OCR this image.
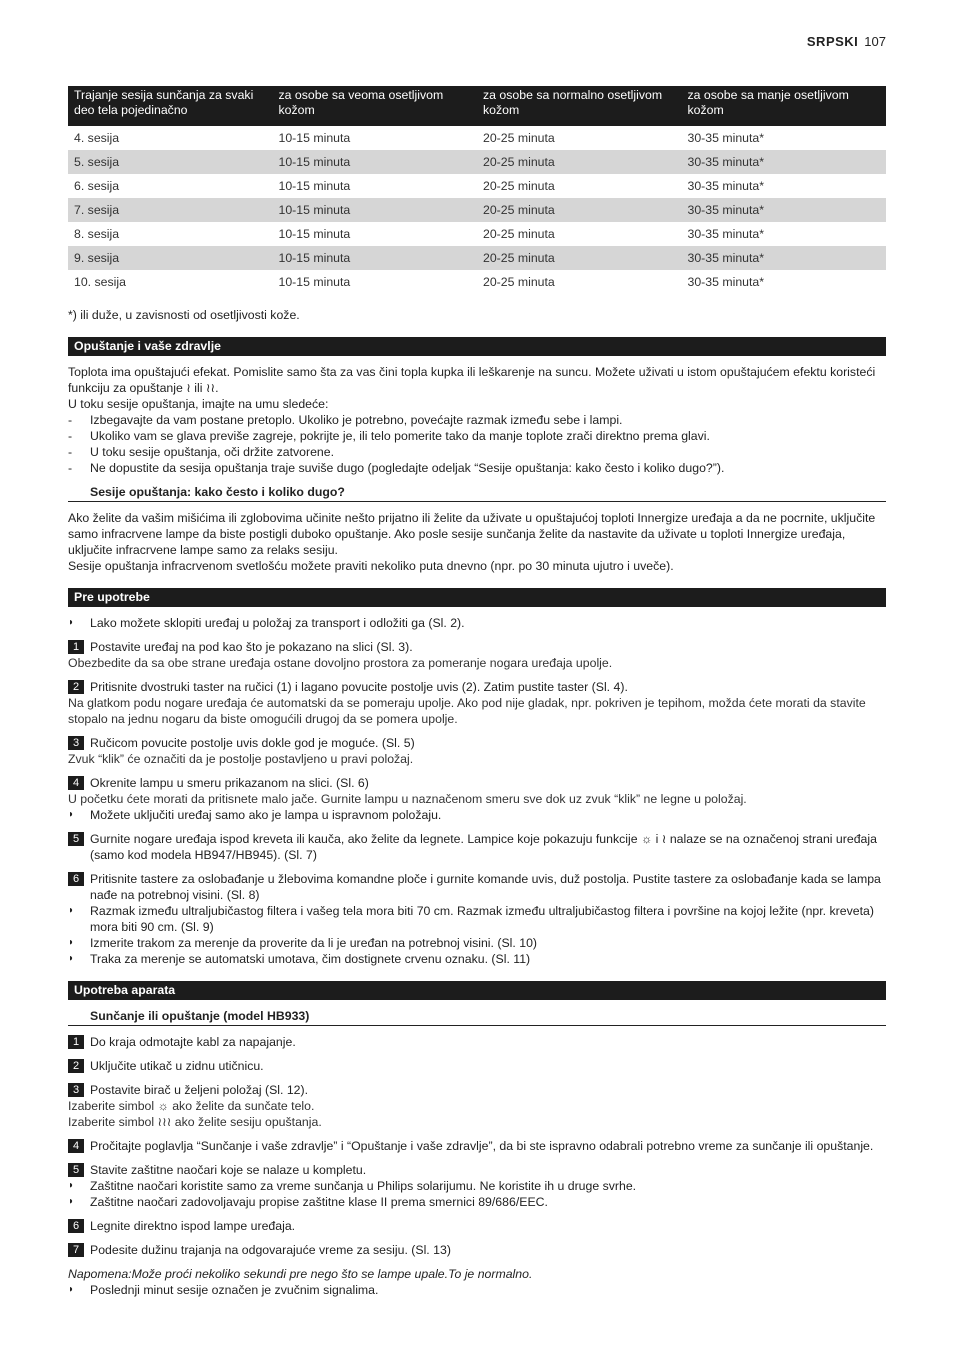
SRPSKI 107
Trajanje sesija sunčanja za svaki deo tela pojedinačno	za osobe sa veoma osetljivom kožom	za osobe sa normalno osetljivom kožom	za osobe sa manje osetljivom kožom
4. sesija	10-15 minuta	20-25 minuta	30-35 minuta*
5. sesija	10-15 minuta	20-25 minuta	30-35 minuta*
6. sesija	10-15 minuta	20-25 minuta	30-35 minuta*
7. sesija	10-15 minuta	20-25 minuta	30-35 minuta*
8. sesija	10-15 minuta	20-25 minuta	30-35 minuta*
9. sesija	10-15 minuta	20-25 minuta	30-35 minuta*
10. sesija	10-15 minuta	20-25 minuta	30-35 minuta*

*) ili duže, u zavisnosti od osetljivosti kože.

Opuštanje i vaše zdravlje

Toplota ima opuštajući efekat. Pomislite samo šta za vas čini topla kupka ili leškarenje na suncu. Možete uživati u istom opuštajućem efektu koristeći funkciju za opuštanje ≀ ili ≀≀.

U toku sesije opuštanja, imajte na umu sledeće:

- Izbegavajte da vam postane pretoplo. Ukoliko je potrebno, povećajte razmak između sebe i lampi.

- Ukoliko vam se glava previše zagreje, pokrijte je, ili telo pomerite tako da manje toplote zrači direktno prema glavi.

- U toku sesije opuštanja, oči držite zatvorene.

- Ne dopustite da sesija opuštanja traje suviše dugo (pogledajte odeljak “Sesije opuštanja: kako često i koliko dugo?”).

Sesije opuštanja: kako često i koliko dugo?

Ako želite da vašim mišićima ili zglobovima učinite nešto prijatno ili želite da uživate u opuštajućoj toploti Innergize uređaja a da ne pocrnite, uključite samo infracrvene lampe da biste postigli duboko opuštanje. Ako posle sesije sunčanja želite da nastavite da uživate u toploti Innergize uređaja, uključite infracrvene lampe samo za relaks sesiju.

Sesije opuštanja infracrvenom svetlošću možete praviti nekoliko puta dnevno (npr. po 30 minuta ujutro i uveče).

Pre upotrebe

◗ Lako možete sklopiti uređaj u položaj za transport i odložiti ga (Sl. 2).

1 Postavite uređaj na pod kao što je pokazano na slici (Sl. 3).

Obezbedite da sa obe strane uređaja ostane dovoljno prostora za pomeranje nogara uređaja upolje.

2 Pritisnite dvostruki taster na ručici (1) i lagano povucite postolje uvis (2). Zatim pustite taster (Sl. 4).

Na glatkom podu nogare uređaja će automatski da se pomeraju upolje. Ako pod nije gladak, npr. pokriven je tepihom, možda ćete morati da stavite stopalo na jednu nogaru da biste omogućili drugoj da se pomera upolje.

3 Ručicom povucite postolje uvis dokle god je moguće. (Sl. 5)

Zvuk “klik” će označiti da je postolje postavljeno u pravi položaj.

4 Okrenite lampu u smeru prikazanom na slici. (Sl. 6)

U početku ćete morati da pritisnete malo jače. Gurnite lampu u naznačenom smeru sve dok uz zvuk “klik” ne legne u položaj.

◗ Možete uključiti uređaj samo ako je lampa u ispravnom položaju.

5 Gurnite nogare uređaja ispod kreveta ili kauča, ako želite da legnete. Lampice koje pokazuju funkcije ☼ i ≀ nalaze se na označenoj strani uređaja (samo kod modela HB947/HB945). (Sl. 7)
6 Pritisnite tastere za oslobađanje u žlebovima komandne ploče i gurnite komande uvis, duž postolja. Pustite tastere za oslobađanje kada se lampa nađe na potrebnoj visini. (Sl. 8)

◗ Razmak između ultraljubičastog filtera i vašeg tela mora biti 70 cm. Razmak između ultraljubičastog filtera i površine na kojoj ležite (npr. kreveta) mora biti 90 cm. (Sl. 9)

◗ Izmerite trakom za merenje da proverite da li je uređan na potrebnoj visini. (Sl. 10)

◗ Traka za merenje se automatski umotava, čim dostignete crvenu oznaku. (Sl. 11)

Upotreba aparata
Sunčanje ili opuštanje (model HB933)
1 Do kraja odmotajte kabl za napajanje.
2 Uključite utikač u zidnu utičnicu.
3 Postavite birač u željeni položaj (Sl. 12).

Izaberite simbol ☼ ako želite da sunčate telo.

Izaberite simbol ≀≀≀ ako želite sesiju opuštanja.

4 Pročitajte poglavlja “Sunčanje i vaše zdravlje” i “Opuštanje i vaše zdravlje”, da bi ste ispravno odabrali potrebno vreme za sunčanje ili opuštanje.
5 Stavite zaštitne naočari koje se nalaze u kompletu.

◗ Zaštitne naočari koristite samo za vreme sunčanja u Philips solarijumu. Ne koristite ih u druge svrhe.

◗ Zaštitne naočari zadovoljavaju propise zaštitne klase II prema smernici 89/686/EEC.

6 Legnite direktno ispod lampe uređaja.
7 Podesite dužinu trajanja na odgovarajuće vreme za sesiju. (Sl. 13)

Napomena:Može proći nekoliko sekundi pre nego što se lampe upale.To je normalno.

◗ Poslednji minut sesije označen je zvučnim signalima.
